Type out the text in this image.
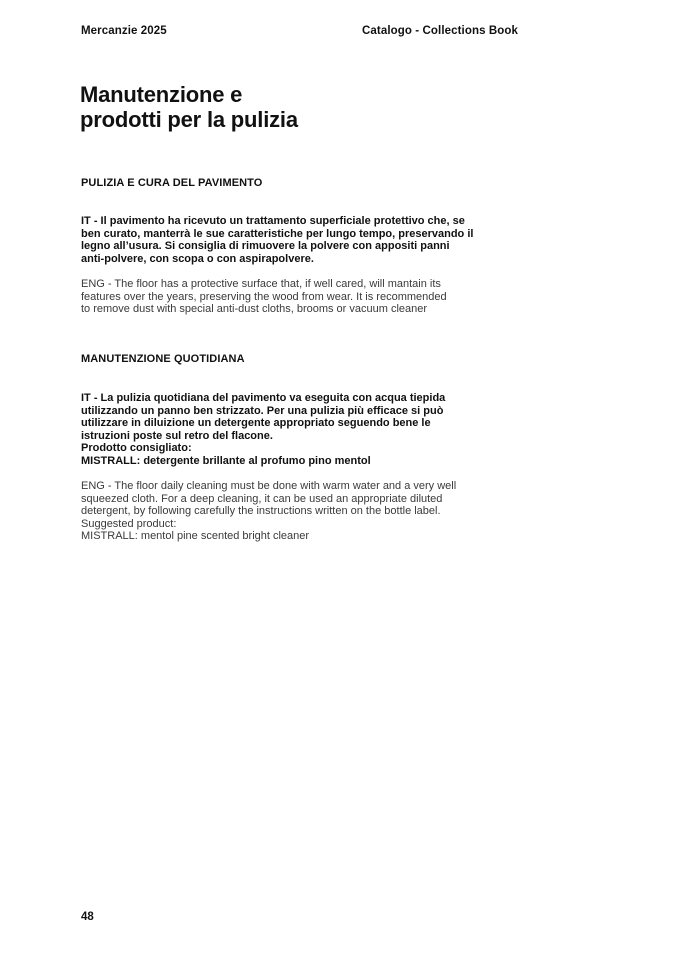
Mercanzie 2025	Catalogo - Collections Book
Manutenzione e
prodotti per la pulizia
PULIZIA E CURA DEL PAVIMENTO

IT - Il pavimento ha ricevuto un trattamento superficiale protettivo che, se
ben curato, manterrà le sue caratteristiche per lungo tempo, preservando il
legno all’usura. Si consiglia di rimuovere la polvere con appositi panni
anti-polvere, con scopa o con aspirapolvere.

ENG - The floor has a protective surface that, if well cared, will mantain its
features over the years, preserving the wood from wear. It is recommended
to remove dust with special anti-dust cloths, brooms or vacuum cleaner

MANUTENZIONE QUOTIDIANA

IT - La pulizia quotidiana del pavimento va eseguita con acqua tiepida
utilizzando un panno ben strizzato. Per una pulizia più efficace si può
utilizzare in diluizione un detergente appropriato seguendo bene le
istruzioni poste sul retro del flacone.
Prodotto consigliato:
MISTRALL: detergente brillante al profumo pino mentol

ENG - The floor daily cleaning must be done with warm water and a very well
squeezed cloth. For a deep cleaning, it can be used an appropriate diluted
detergent, by following carefully the instructions written on the bottle label.
Suggested product:
MISTRALL: mentol pine scented bright cleaner

48
